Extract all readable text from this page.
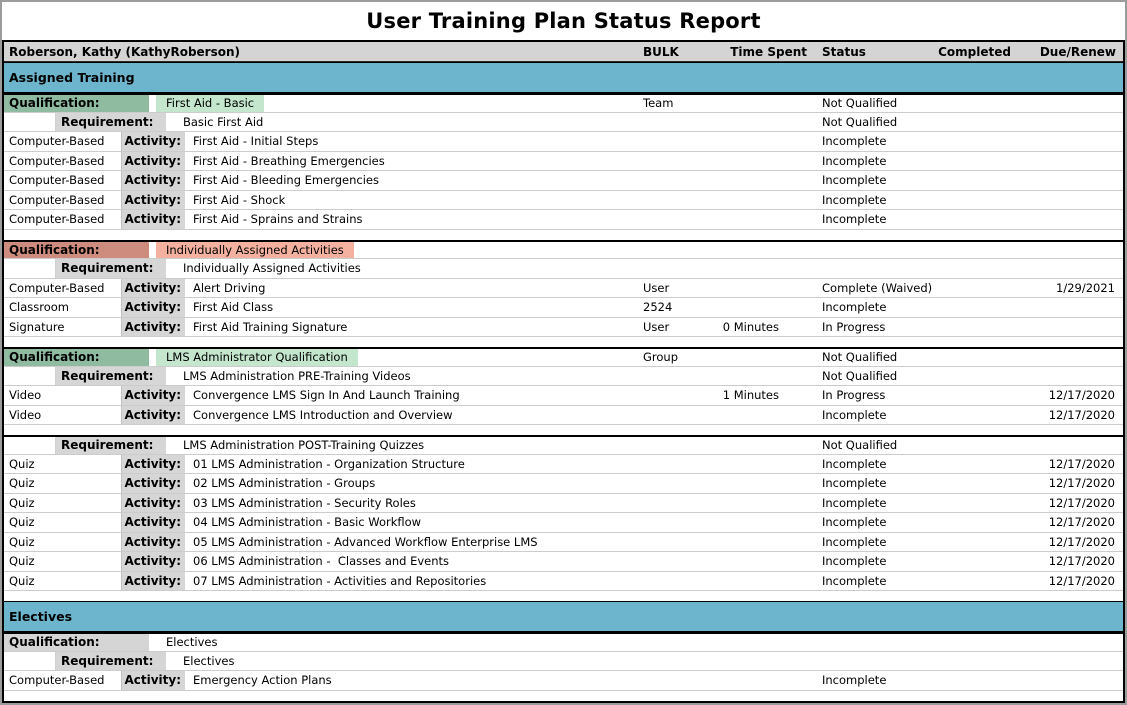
User Training Plan Status Report
Roberson, Kathy (KathyRoberson)	BULK	Time Spent	Status	Completed	Due/Renew
Assigned Training
Qualification:	First Aid - Basic	Team	Not Qualified
Requirement:	Basic First Aid	Not Qualified
Computer-Based	Activity:	First Aid - Initial Steps	Incomplete
Computer-Based	Activity:	First Aid - Breathing Emergencies	Incomplete
Computer-Based	Activity:	First Aid - Bleeding Emergencies	Incomplete
Computer-Based	Activity:	First Aid - Shock	Incomplete
Computer-Based	Activity:	First Aid - Sprains and Strains	Incomplete
Qualification:	Individually Assigned Activities
Requirement:	Individually Assigned Activities
Computer-Based	Activity:	Alert Driving	User	Complete (Waived)	1/29/2021
Classroom	Activity:	First Aid Class	2524	Incomplete
Signature	Activity:	First Aid Training Signature	User	0 Minutes	In Progress
Qualification:	LMS Administrator Qualification	Group	Not Qualified
Requirement:	LMS Administration PRE-Training Videos	Not Qualified
Video	Activity:	Convergence LMS Sign In And Launch Training	1 Minutes	In Progress	12/17/2020
Video	Activity:	Convergence LMS Introduction and Overview	Incomplete	12/17/2020
Requirement:	LMS Administration POST-Training Quizzes	Not Qualified
Quiz	Activity:	01 LMS Administration - Organization Structure	Incomplete	12/17/2020
Quiz	Activity:	02 LMS Administration - Groups	Incomplete	12/17/2020
Quiz	Activity:	03 LMS Administration - Security Roles	Incomplete	12/17/2020
Quiz	Activity:	04 LMS Administration - Basic Workflow	Incomplete	12/17/2020
Quiz	Activity:	05 LMS Administration - Advanced Workflow Enterprise LMS	Incomplete	12/17/2020
Quiz	Activity:	06 LMS Administration -  Classes and Events	Incomplete	12/17/2020
Quiz	Activity:	07 LMS Administration - Activities and Repositories	Incomplete	12/17/2020
Electives
Qualification:	Electives
Requirement:	Electives
Computer-Based	Activity:	Emergency Action Plans	Incomplete
